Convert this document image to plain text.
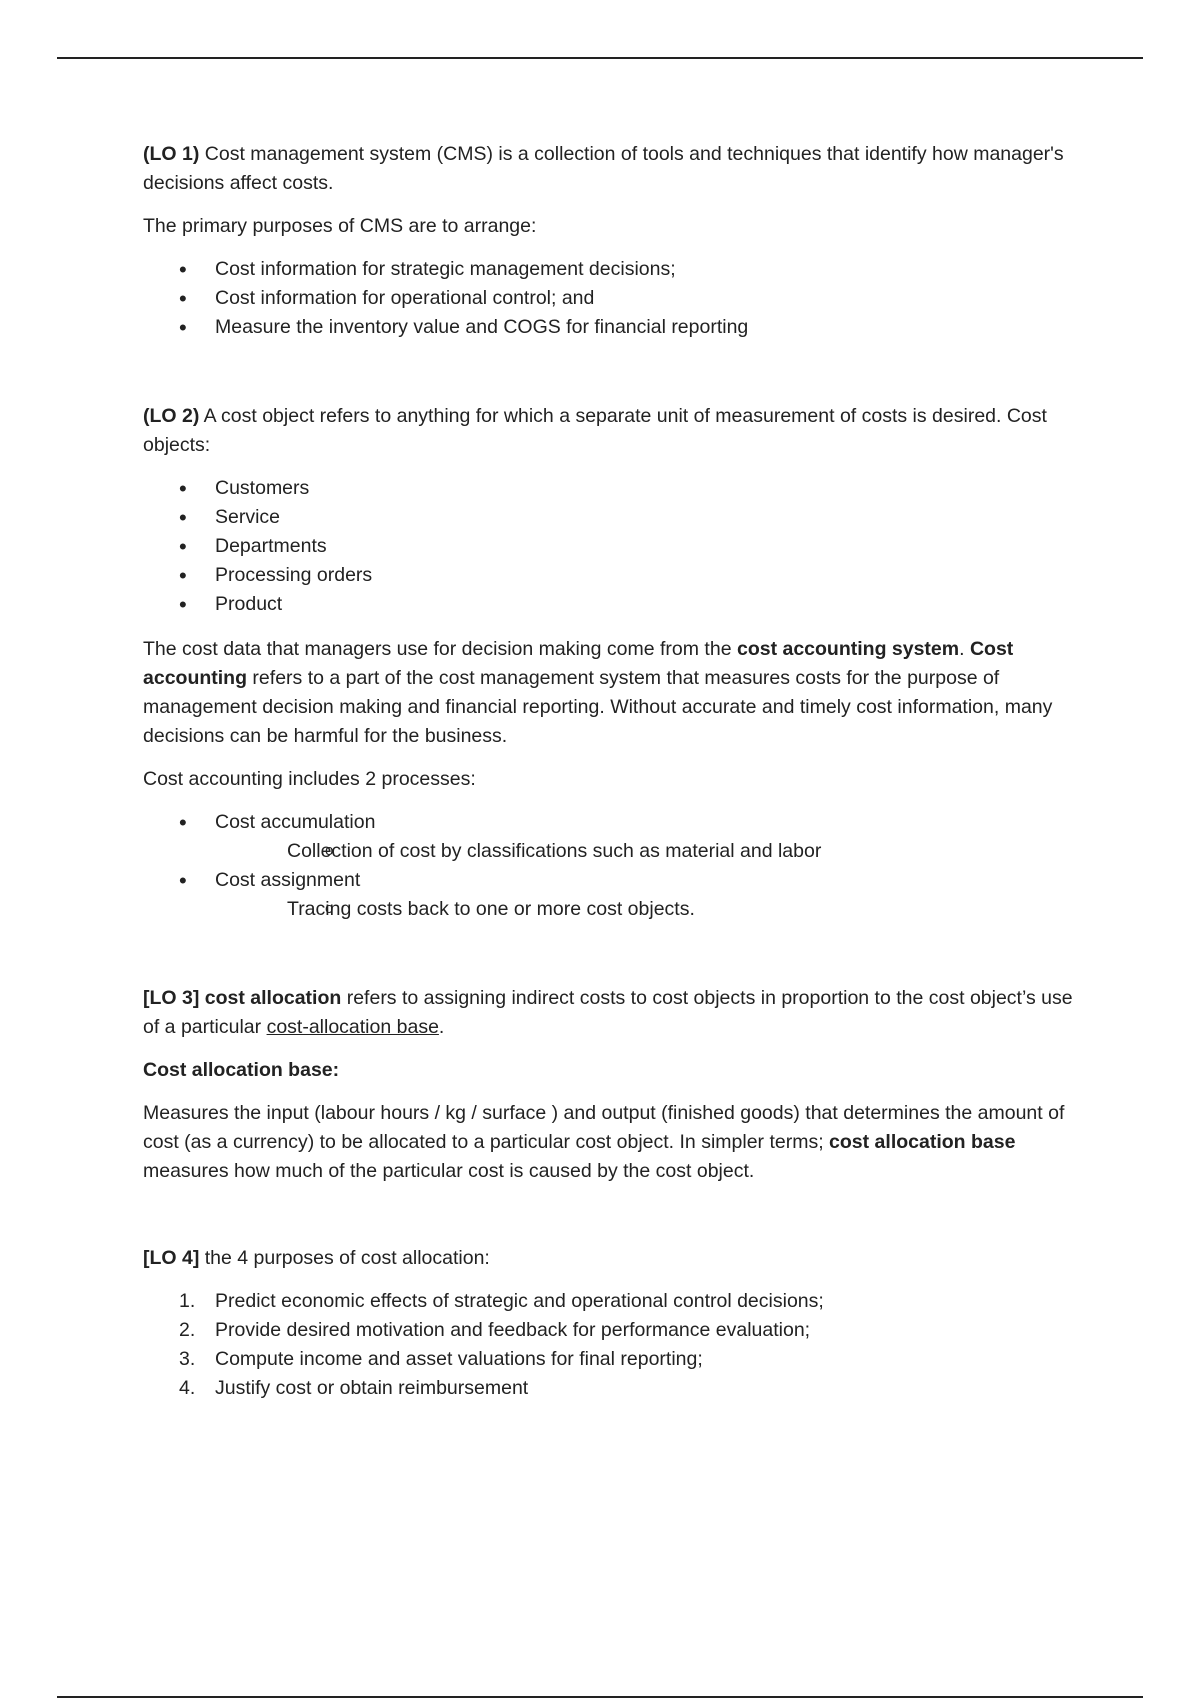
(LO 1) Cost management system (CMS) is a collection of tools and techniques that identify how manager's decisions affect costs.

The primary purposes of CMS are to arrange:

• Cost information for strategic management decisions;
• Cost information for operational control; and
• Measure the inventory value and COGS for financial reporting

(LO 2) A cost object refers to anything for which a separate unit of measurement of costs is desired. Cost objects:

• Customers
• Service
• Departments
• Processing orders
• Product

The cost data that managers use for decision making come from the cost accounting system. Cost accounting refers to a part of the cost management system that measures costs for the purpose of management decision making and financial reporting. Without accurate and timely cost information, many decisions can be harmful for the business.

Cost accounting includes 2 processes:

• Cost accumulation
o Collection of cost by classifications such as material and labor
• Cost assignment
o Tracing costs back to one or more cost objects.

[LO 3] cost allocation refers to assigning indirect costs to cost objects in proportion to the cost object’s use of a particular cost-allocation base.

Cost allocation base:

Measures the input (labour hours / kg / surface ) and output (finished goods) that determines the amount of cost (as a currency) to be allocated to a particular cost object. In simpler terms; cost allocation base measures how much of the particular cost is caused by the cost object.

[LO 4] the 4 purposes of cost allocation:

1. Predict economic effects of strategic and operational control decisions;
2. Provide desired motivation and feedback for performance evaluation;
3. Compute income and asset valuations for final reporting;
4. Justify cost or obtain reimbursement
